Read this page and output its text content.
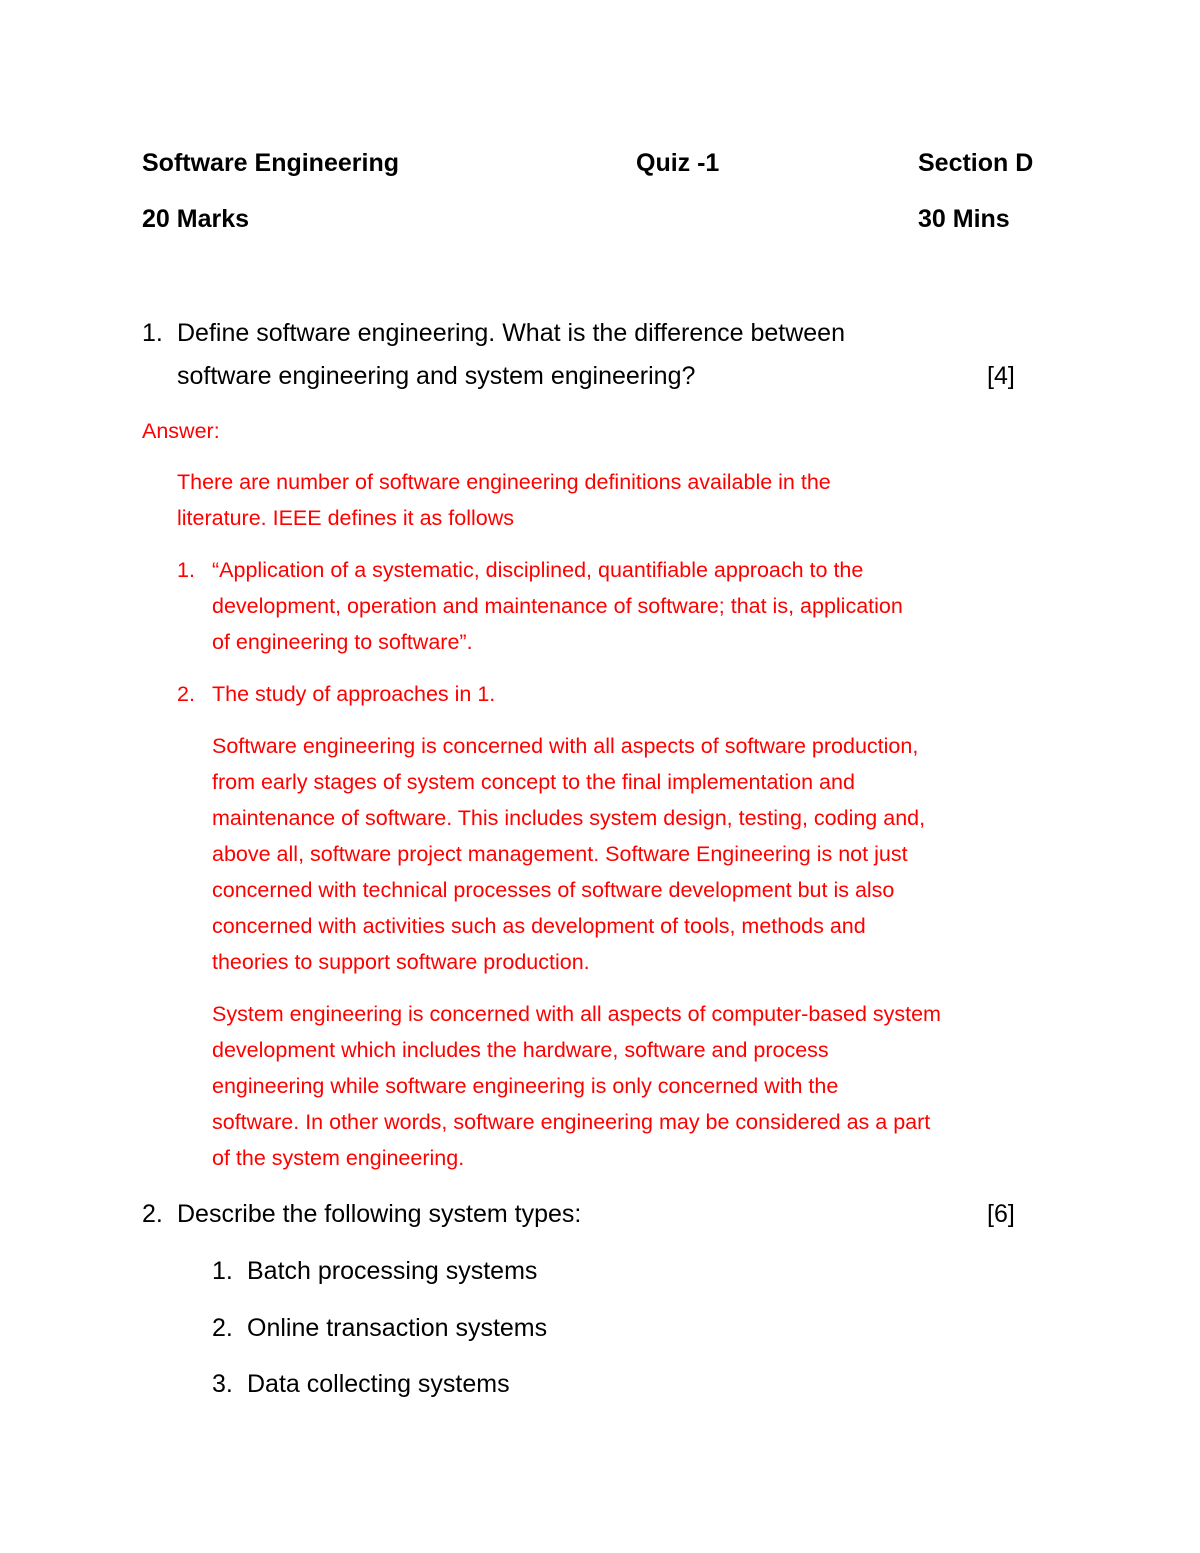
Software Engineering	Quiz -1	Section D
20 Marks	30 Mins
1. Define software engineering. What is the difference between
software engineering and system engineering?	[4]
Answer:
There are number of software engineering definitions available in the
literature. IEEE defines it as follows
1. “Application of a systematic, disciplined, quantifiable approach to the
development, operation and maintenance of software; that is, application
of engineering to software”.
2. The study of approaches in 1.
Software engineering is concerned with all aspects of software production,
from early stages of system concept to the final implementation and
maintenance of software. This includes system design, testing, coding and,
above all, software project management. Software Engineering is not just
concerned with technical processes of software development but is also
concerned with activities such as development of tools, methods and
theories to support software production.
System engineering is concerned with all aspects of computer-based system
development which includes the hardware, software and process
engineering while software engineering is only concerned with the
software. In other words, software engineering may be considered as a part
of the system engineering.
2. Describe the following system types:	[6]
1. Batch processing systems
2. Online transaction systems
3. Data collecting systems
